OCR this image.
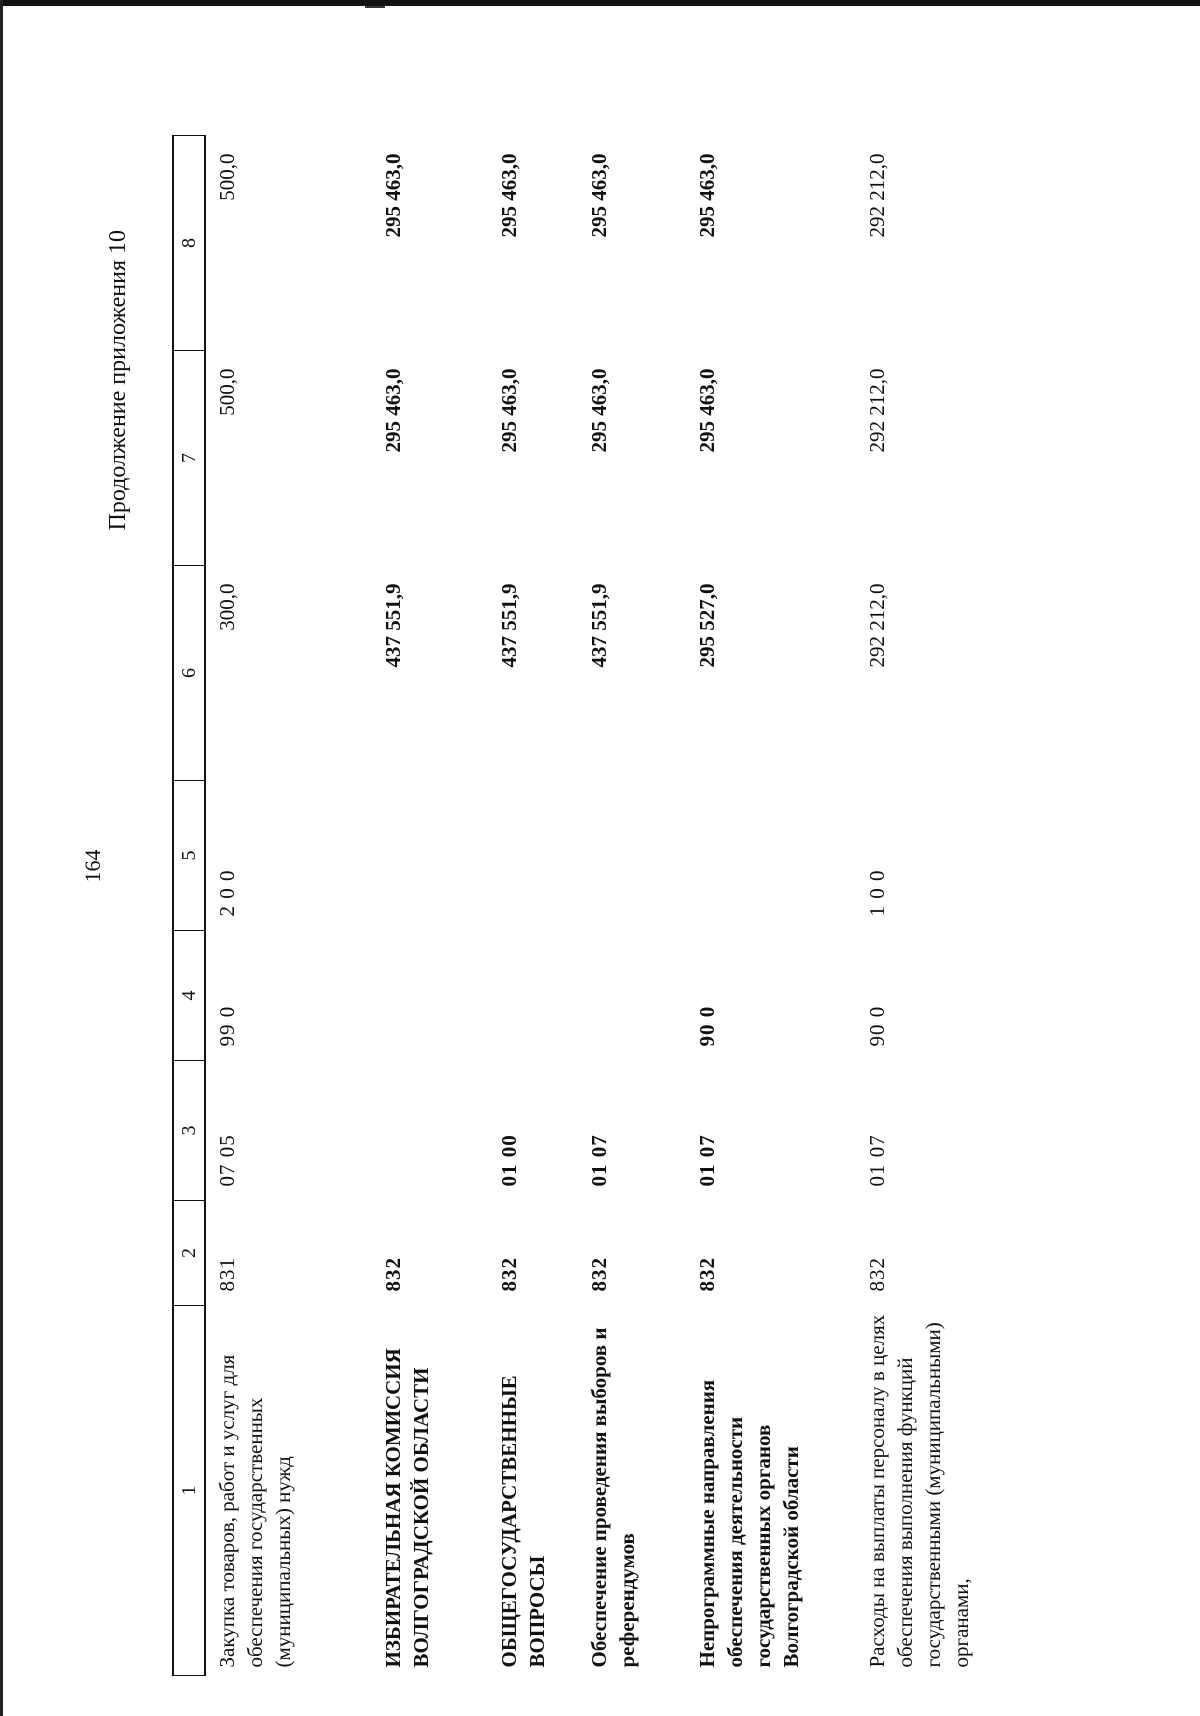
164
Продолжение приложения 10
1	2	3	4	5	6	7	8
Закупка товаров, работ и услуг для обеспечения государственных (муниципальных) нужд	831	07 05	99 0	2 0 0	300,0	500,0	500,0
ИЗБИРАТЕЛЬНАЯ КОМИССИЯ ВОЛГОГРАДСКОЙ ОБЛАСТИ	832				437 551,9	295 463,0	295 463,0
ОБЩЕГОСУДАРСТВЕННЫЕ ВОПРОСЫ	832	01 00			437 551,9	295 463,0	295 463,0
Обеспечение проведения выборов и референдумов	832	01 07			437 551,9	295 463,0	295 463,0
Непрограммные направления обеспечения деятельности государственных органов Волгоградской области	832	01 07	90 0		295 527,0	295 463,0	295 463,0
Расходы на выплаты персоналу в целях обеспечения выполнения функций государственными (муниципальными) органами,	832	01 07	90 0	1 0 0	292 212,0	292 212,0	292 212,0
